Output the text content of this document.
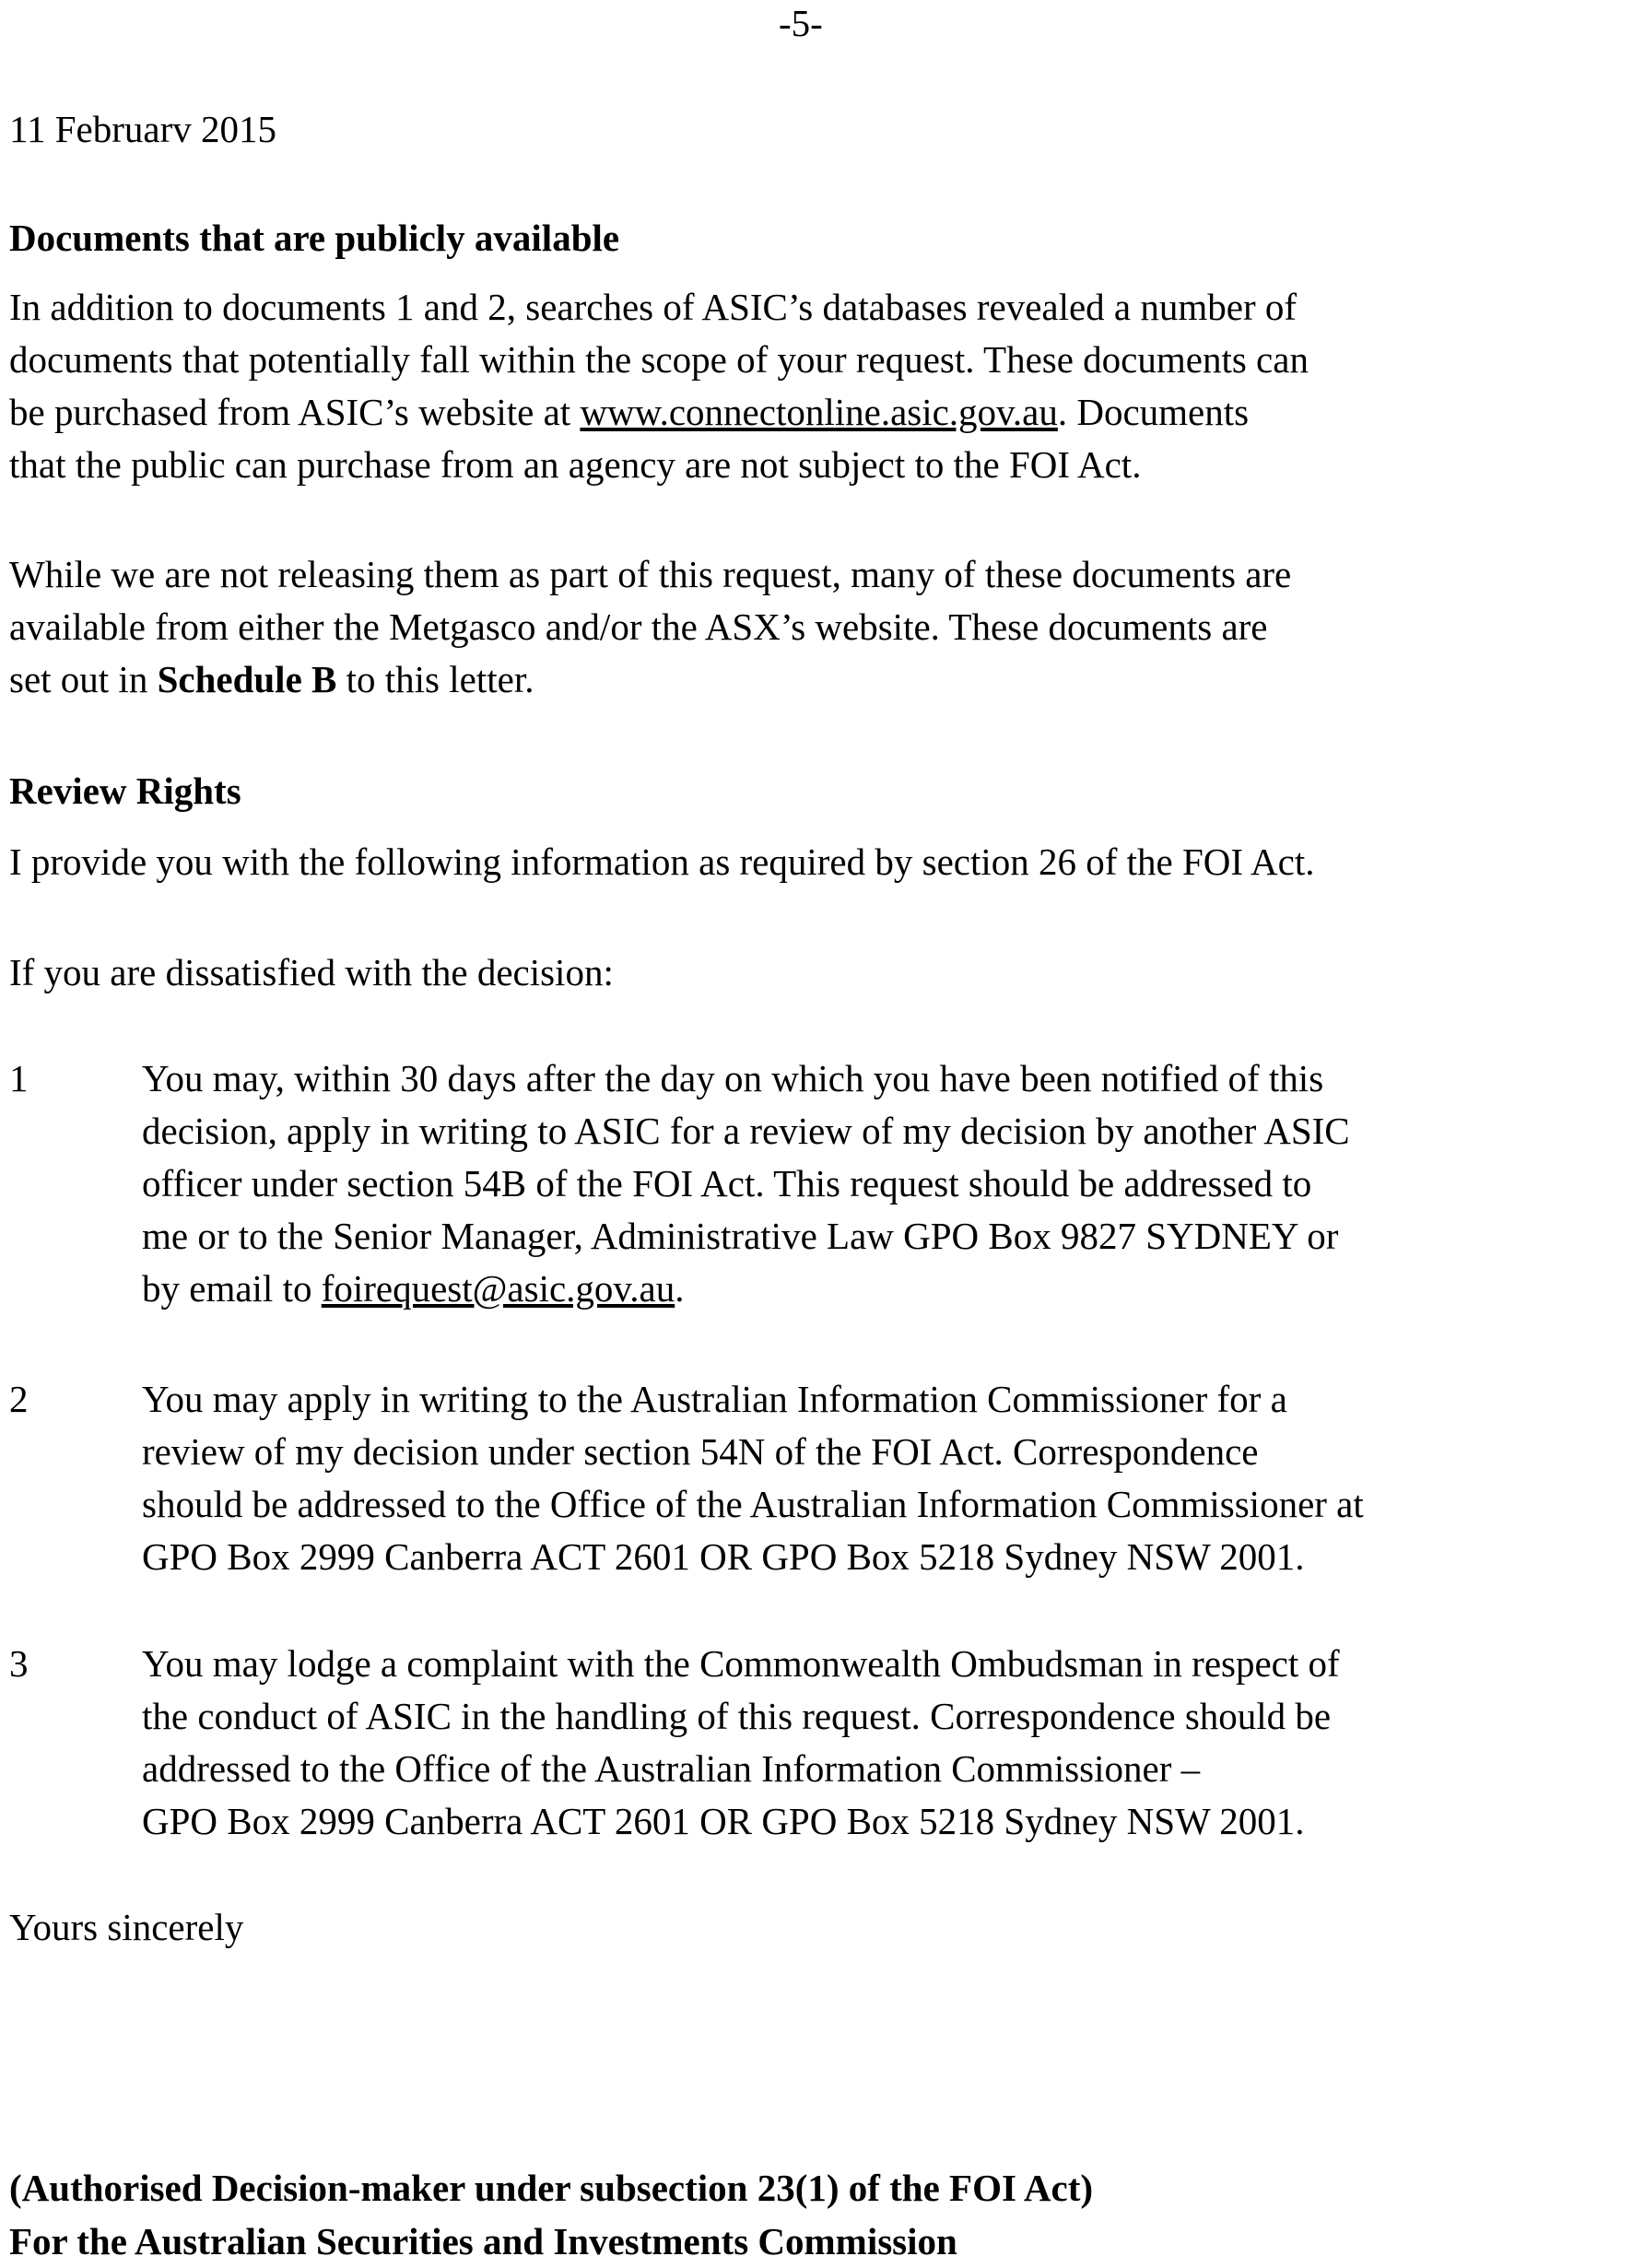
-5-
11 Februarv 2015
Documents that are publicly available
In addition to documents 1 and 2, searches of ASIC’s databases revealed a number of
documents that potentially fall within the scope of your request. These documents can
be purchased from ASIC’s website at www.connectonline.asic.gov.au. Documents
that the public can purchase from an agency are not subject to the FOI Act.
While we are not releasing them as part of this request, many of these documents are
available from either the Metgasco and/or the ASX’s website. These documents are
set out in Schedule B to this letter.
Review Rights
I provide you with the following information as required by section 26 of the FOI Act.
If you are dissatisfied with the decision:
1	You may, within 30 days after the day on which you have been notified of this
decision, apply in writing to ASIC for a review of my decision by another ASIC
officer under section 54B of the FOI Act. This request should be addressed to
me or to the Senior Manager, Administrative Law GPO Box 9827 SYDNEY or
by email to foirequest@asic.gov.au.
2	You may apply in writing to the Australian Information Commissioner for a
review of my decision under section 54N of the FOI Act. Correspondence
should be addressed to the Office of the Australian Information Commissioner at
GPO Box 2999 Canberra ACT 2601 OR GPO Box 5218 Sydney NSW 2001.
3	You may lodge a complaint with the Commonwealth Ombudsman in respect of
the conduct of ASIC in the handling of this request. Correspondence should be
addressed to the Office of the Australian Information Commissioner –
GPO Box 2999 Canberra ACT 2601 OR GPO Box 5218 Sydney NSW 2001.
Yours sincerely
(Authorised Decision-maker under subsection 23(1) of the FOI Act)
For the Australian Securities and Investments Commission
